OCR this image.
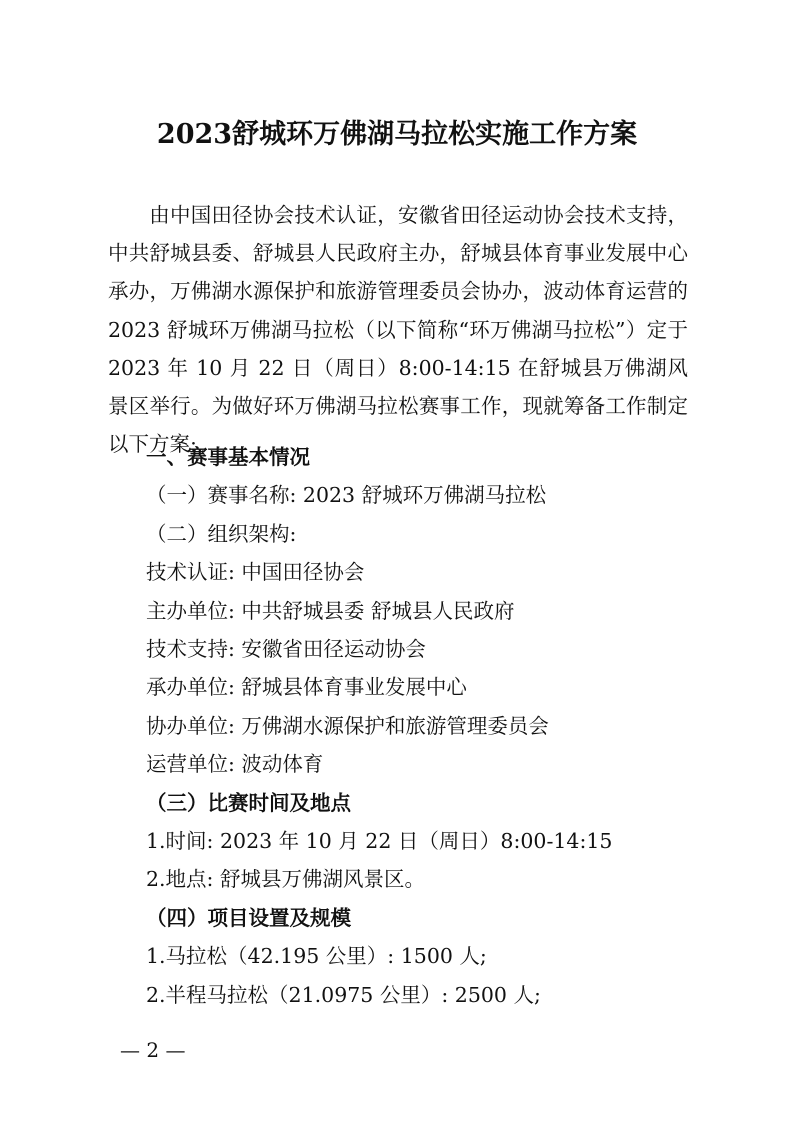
2023舒城环万佛湖马拉松实施工作方案
由中国田径协会技术认证，安徽省田径运动协会技术支持，中共舒城县委、舒城县人民政府主办，舒城县体育事业发展中心承办，万佛湖水源保护和旅游管理委员会协办，波动体育运营的2023 舒城环万佛湖马拉松（以下简称“环万佛湖马拉松”）定于 2023 年 10 月 22 日（周日）8:00-14:15 在舒城县万佛湖风景区举行。为做好环万佛湖马拉松赛事工作，现就筹备工作制定以下方案:
一、赛事基本情况
（一）赛事名称: 2023 舒城环万佛湖马拉松
（二）组织架构:
技术认证: 中国田径协会
主办单位: 中共舒城县委 舒城县人民政府
技术支持: 安徽省田径运动协会
承办单位: 舒城县体育事业发展中心
协办单位: 万佛湖水源保护和旅游管理委员会
运营单位: 波动体育
（三）比赛时间及地点
1.时间: 2023 年 10 月 22 日（周日）8:00-14:15
2.地点: 舒城县万佛湖风景区。
（四）项目设置及规模
1.马拉松（42.195 公里）: 1500 人;
2.半程马拉松（21.0975 公里）: 2500 人;
— 2 —
